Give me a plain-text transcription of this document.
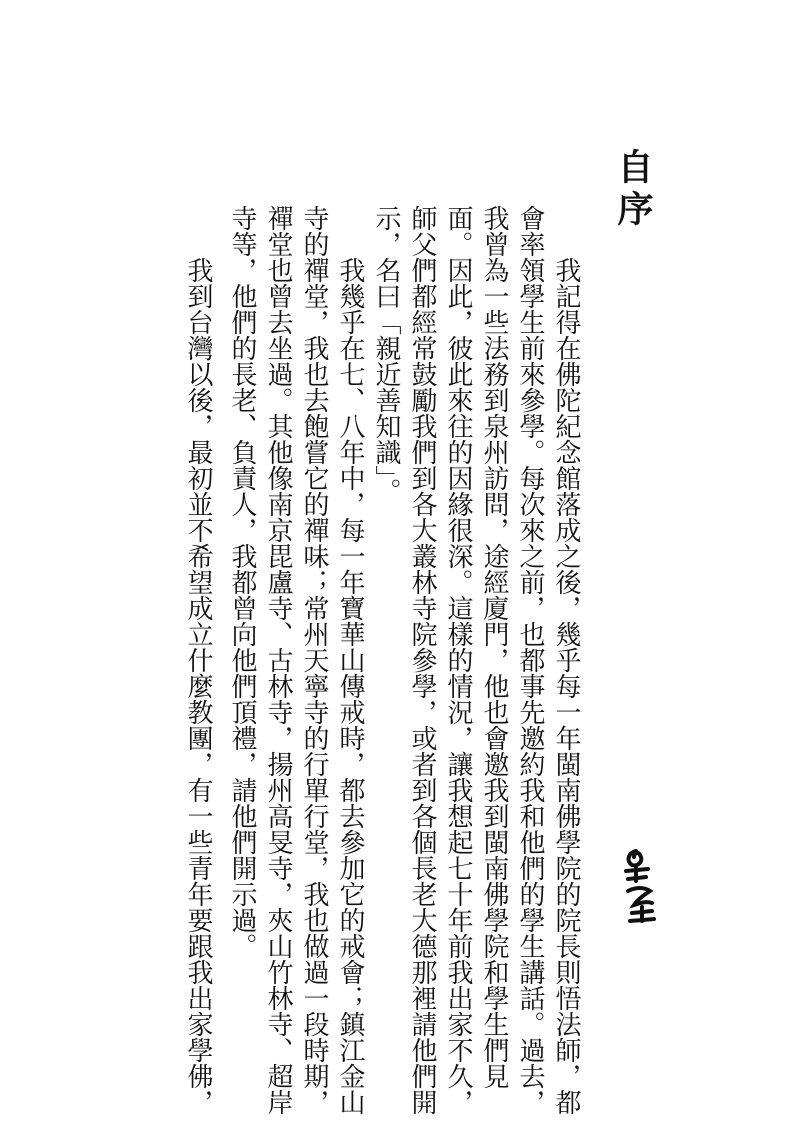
自序
　　我記得在佛陀紀念館落成之後，幾乎每一年閩南佛學院的院長則悟法師，都
會率領學生前來參學。每次來之前，也都事先邀約我和他們的學生講話。過去，
我曾為一些法務到泉州訪問，途經廈門，他也會邀我到閩南佛學院和學生們見
面。因此，彼此來往的因緣很深。這樣的情況，讓我想起七十年前我出家不久，
師父們都經常鼓勵我們到各大叢林寺院參學，或者到各個長老大德那裡請他們開
示，名曰「親近善知識」。
　　我幾乎在七、八年中，每一年寶華山傳戒時，都去參加它的戒會；鎮江金山
寺的禪堂，我也去飽嘗它的禪味；常州天寧寺的行單行堂，我也做過一段時期，
禪堂也曾去坐過。其他像南京毘盧寺、古林寺，揚州高旻寺，夾山竹林寺、超岸
寺等，他們的長老、負責人，我都曾向他們頂禮，請他們開示過。
　　我到台灣以後，最初並不希望成立什麼教團，有一些青年要跟我出家學佛，
